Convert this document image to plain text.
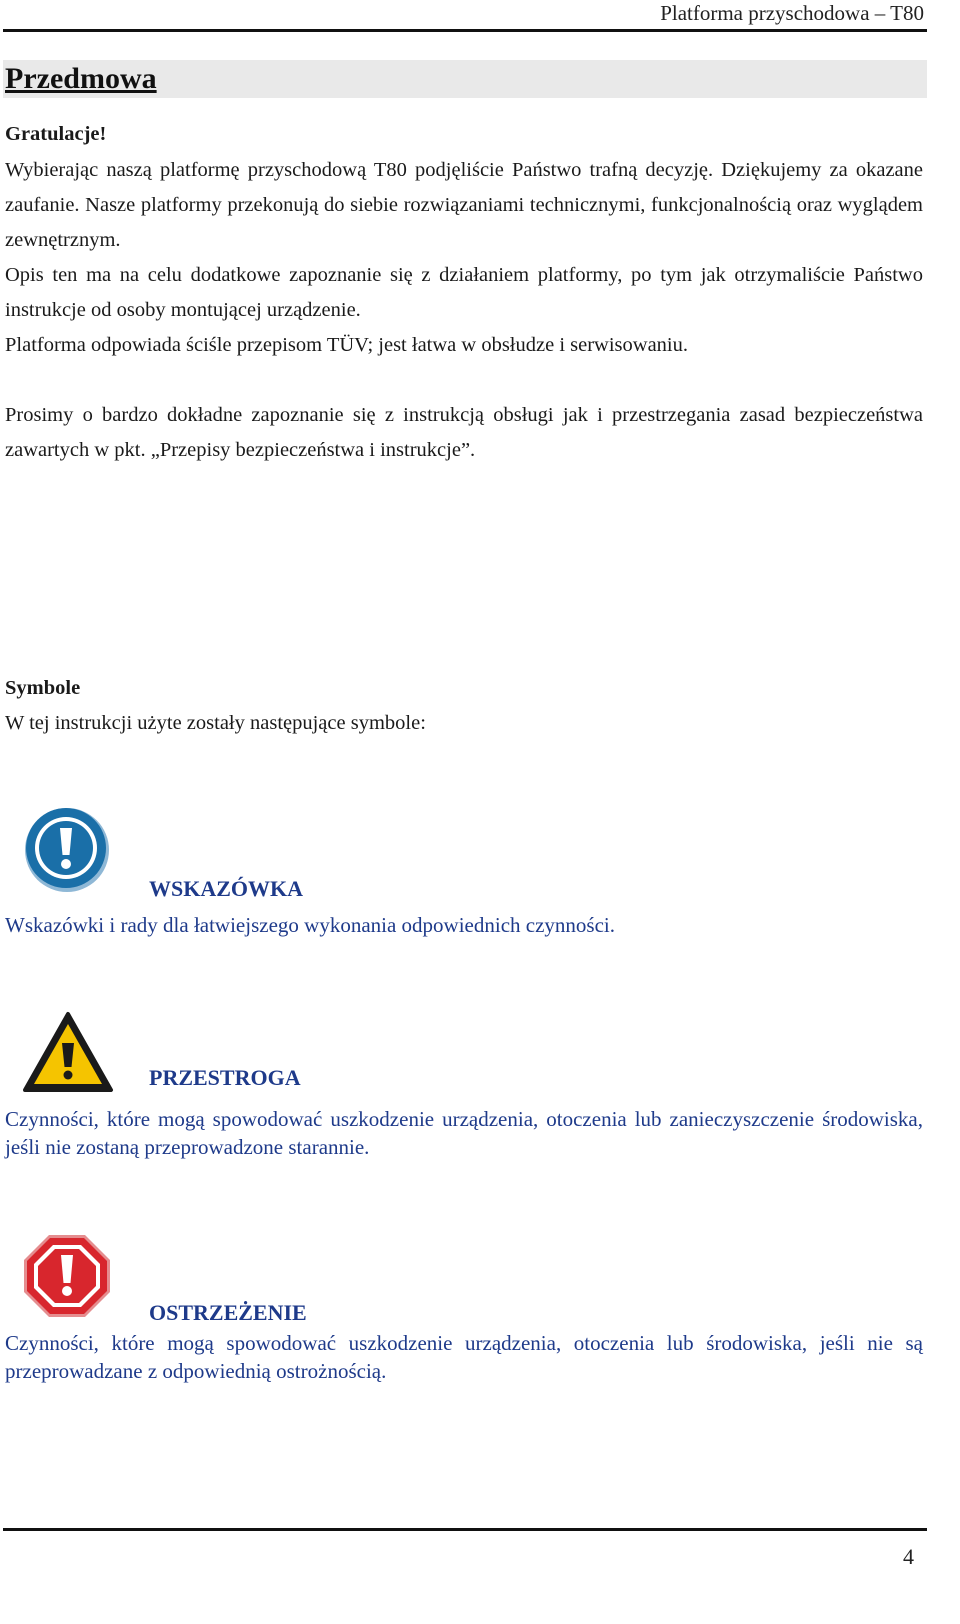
Platforma przyschodowa – T80
Przedmowa
Gratulacje!

Wybierając naszą platformę przyschodową T80 podjęliście Państwo trafną decyzję. Dziękujemy za okazane zaufanie. Nasze platformy przekonują do siebie rozwiązaniami technicznymi, funkcjonalnością oraz wyglądem zewnętrznym.

Opis ten ma na celu dodatkowe zapoznanie się z działaniem platformy, po tym jak otrzymaliście Państwo instrukcje od osoby montującej urządzenie.

Platforma odpowiada ściśle przepisom TÜV; jest łatwa w obsłudze i serwisowaniu.

Prosimy o bardzo dokładne zapoznanie się z instrukcją obsługi jak i przestrzegania zasad bezpieczeństwa zawartych w pkt. „Przepisy bezpieczeństwa i instrukcje”.

Symbole
W tej instrukcji użyte zostały następujące symbole:
WSKAZÓWKA
Wskazówki i rady dla łatwiejszego wykonania odpowiednich czynności.
PRZESTROGA
Czynności, które mogą spowodować uszkodzenie urządzenia, otoczenia lub zanieczyszczenie środowiska, jeśli nie zostaną przeprowadzone starannie.
OSTRZEŻENIE
Czynności, które mogą spowodować uszkodzenie urządzenia, otoczenia lub środowiska, jeśli nie są przeprowadzane z odpowiednią ostrożnością.
4
